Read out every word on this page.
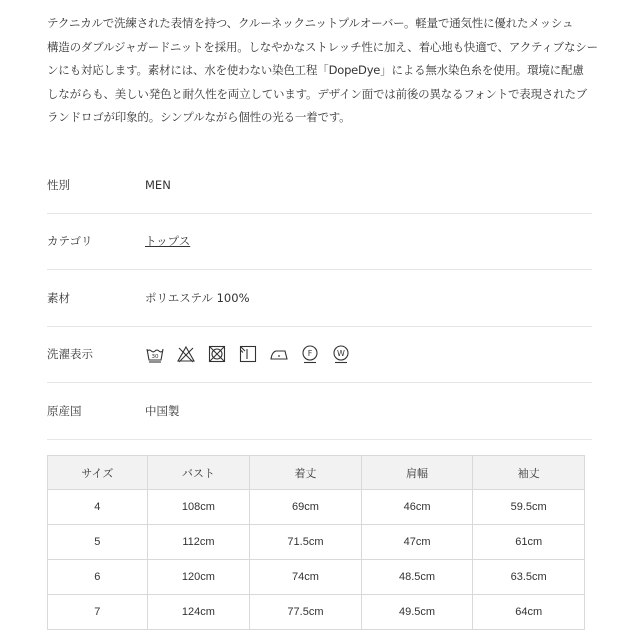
テクニカルで洗練された表情を持つ、クルーネックニットプルオーバー。軽量で通気性に優れたメッシュ

構造のダブルジャガードニットを採用。しなやかなストレッチ性に加え、着心地も快適で、アクティブなシー

ンにも対応します。素材には、水を使わない染色工程「DopeDye」による無水染色糸を使用。環境に配慮

しながらも、美しい発色と耐久性を両立しています。デザイン面では前後の異なるフォントで表現されたブ

ランドロゴが印象的。シンプルながら個性の光る一着です。

性別	MEN
カテゴリ	トップス
素材	ポリエステル 100%
洗濯表示	30	F	W
原産国	中国製
サイズ	バスト	着丈	肩幅	袖丈
4	108cm	69cm	46cm	59.5cm
5	112cm	71.5cm	47cm	61cm
6	120cm	74cm	48.5cm	63.5cm
7	124cm	77.5cm	49.5cm	64cm
